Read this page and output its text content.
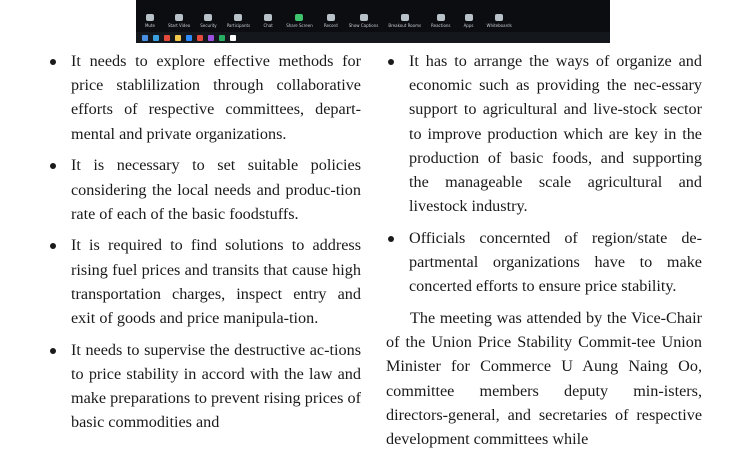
Mute	Start Video	Security	Participants	Chat	Share Screen	Record	Show Captions	Breakout Rooms	Reactions	Apps	Whiteboards
It needs to explore effective methods for price stablilization through collaborative efforts of respective committees, depart-mental and private organizations.
It is necessary to set suitable policies considering the local needs and produc-tion rate of each of the basic foodstuffs.
It is required to find solutions to address rising fuel prices and transits that cause high transportation charges, inspect entry and exit of goods and price manipula-tion.
It needs to supervise the destructive ac-tions to price stability in accord with the law and make preparations to prevent rising prices of basic commodities and
It has to arrange the ways of organize and economic such as providing the nec-essary support to agricultural and live-stock sector to improve production which are key in the production of basic foods, and supporting the manageable scale agricultural and livestock industry.
Officials concernted of region/state de-partmental organizations have to make concerted efforts to ensure price stability.

The meeting was attended by the Vice-Chair of the Union Price Stability Commit-tee Union Minister for Commerce U Aung Naing Oo, committee members deputy min-isters, directors-general, and secretaries of respective development committees while
